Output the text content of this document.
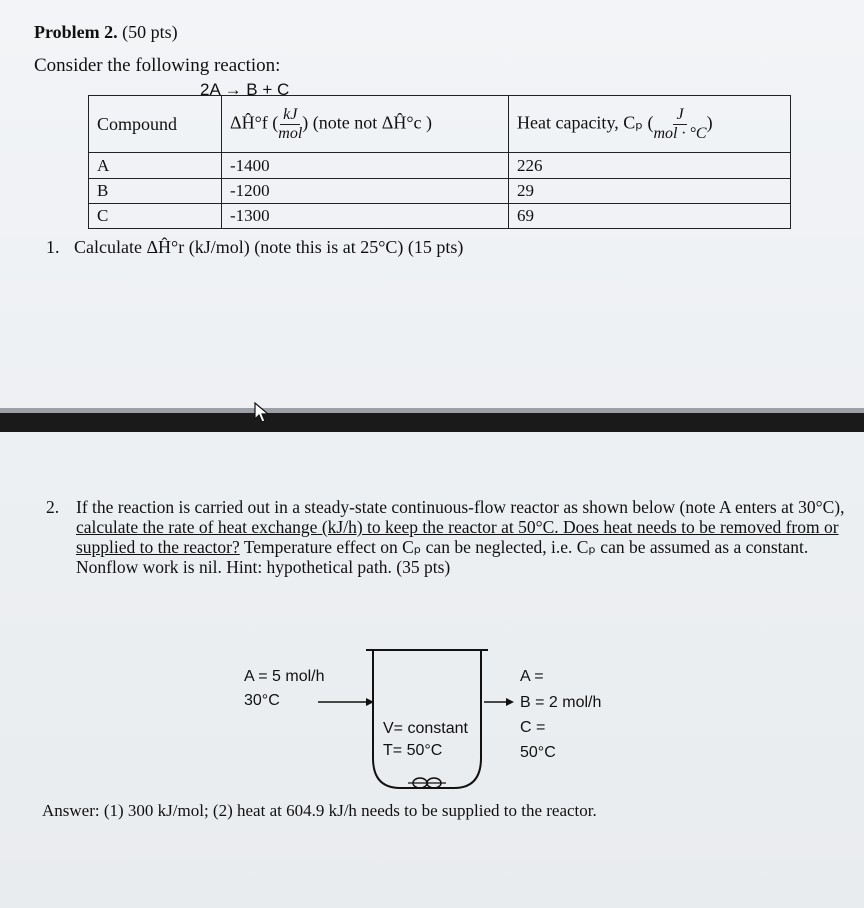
Problem 2. (50 pts)
Consider the following reaction:
2A → B + C
Compound	ΔĤ°f ( $\frac{kJ}{\text{mol}}$ ) (note not ΔĤ°c )	Heat capacity, Cₚ ( $\frac{J}{\text{mol · °C}}$ )
A	-1400	226
B	-1200	29
C	-1300	69
1. Calculate ΔĤ°r (kJ/mol) (note this is at 25°C) (15 pts)
2. If the reaction is carried out in a steady-state continuous-flow reactor as shown below (note A enters at 30°C), calculate the rate of heat exchange (kJ/h) to keep the reactor at 50°C. Does heat needs to be removed from or supplied to the reactor? Temperature effect on Cₚ can be neglected, i.e. Cₚ can be assumed as a constant. Nonflow work is nil. Hint: hypothetical path. (35 pts)
A = 5 mol/h
30°C
V= constant
T= 50°C
A =
B = 2 mol/h
C =
50°C
Answer: (1) 300 kJ/mol; (2) heat at 604.9 kJ/h needs to be supplied to the reactor.
